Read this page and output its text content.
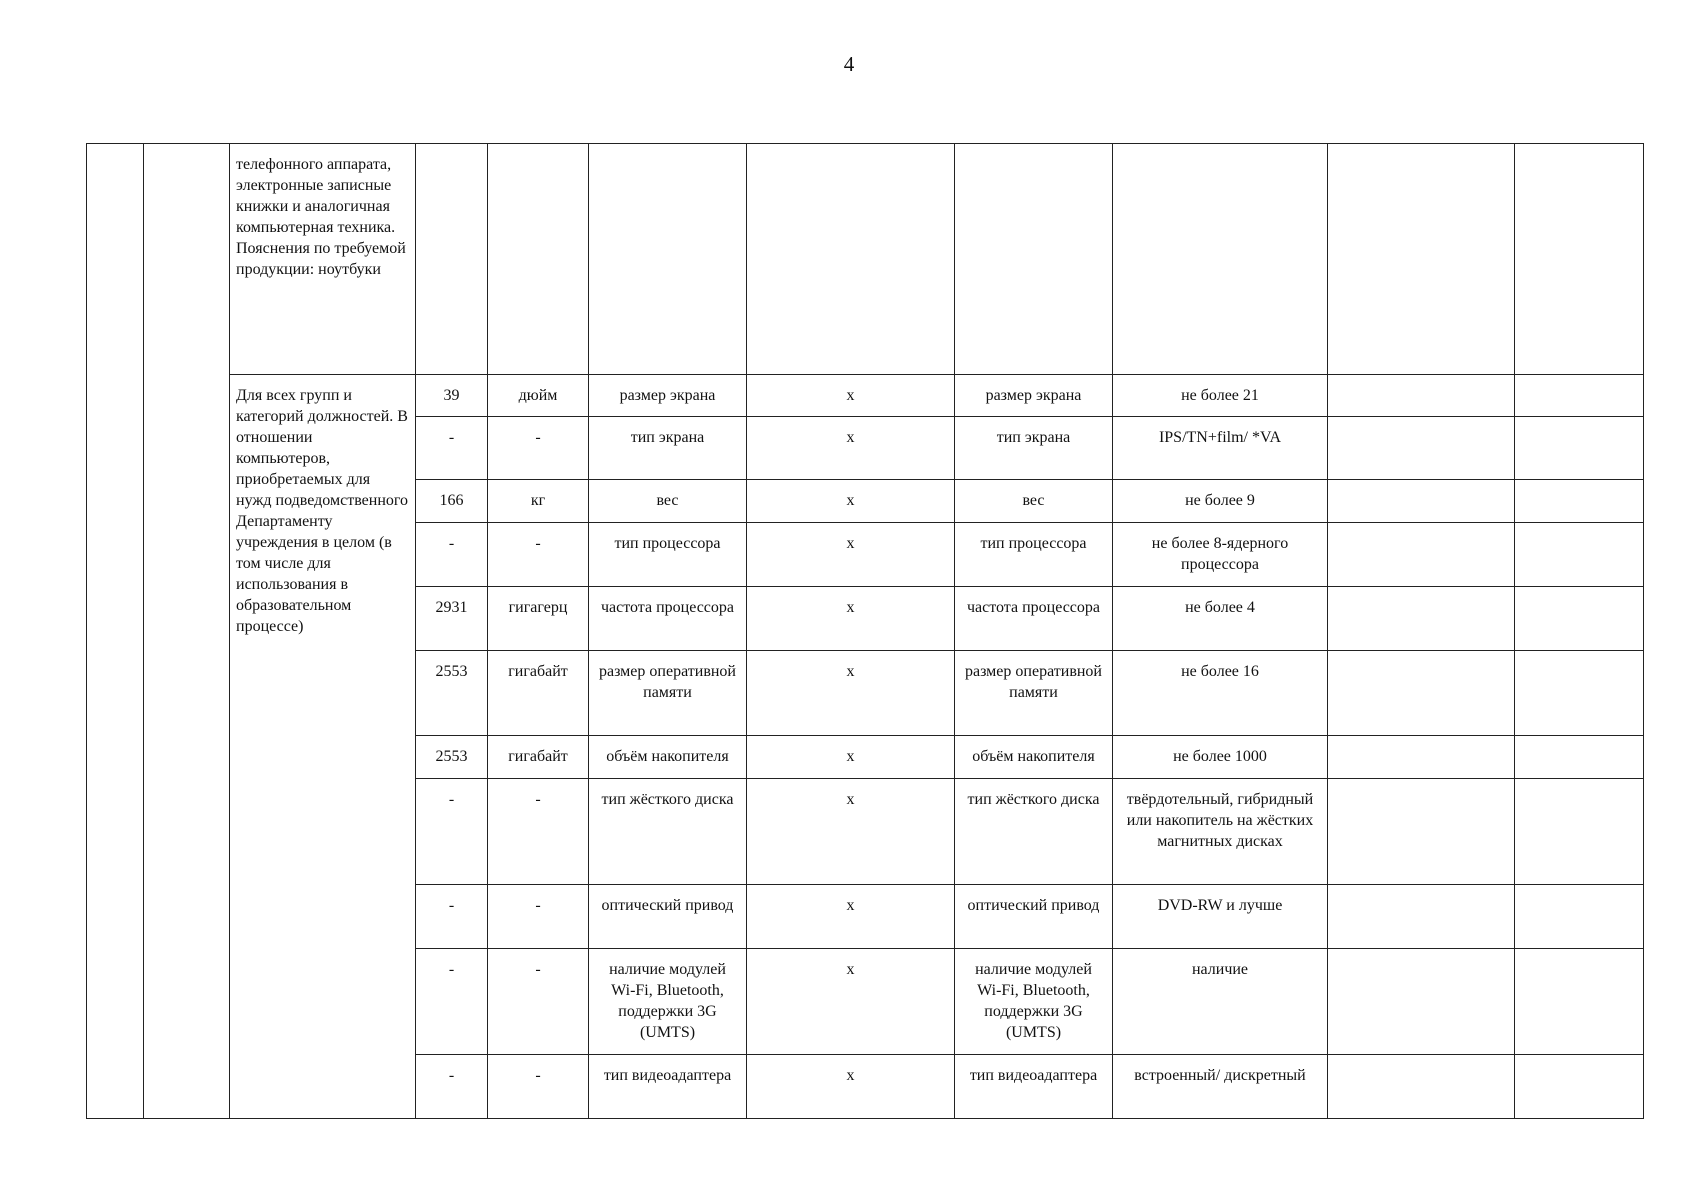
4
		телефонного аппарата, электронные записные книжки и аналогичная компьютерная техника. Пояснения по требуемой продукции: ноутбуки								
		Для всех групп и категорий должностей. В отношении компьютеров, приобретаемых для нужд подведомственного Департаменту учреждения в целом (в том числе для использования в образовательном процессе)	39	дюйм	размер экрана	x	размер экрана	не более 21		
			-	-	тип экрана	x	тип экрана	IPS/TN+film/ *VA		
			166	кг	вес	x	вес	не более 9		
			-	-	тип процессора	x	тип процессора	не более 8-ядерного процессора		
			2931	гигагерц	частота процессора	x	частота процессора	не более 4		
			2553	гигабайт	размер оперативной памяти	x	размер оперативной памяти	не более 16		
			2553	гигабайт	объём накопителя	x	объём накопителя	не более 1000		
			-	-	тип жёсткого диска	x	тип жёсткого диска	твёрдотельный, гибридный или накопитель на жёстких магнитных дисках		
			-	-	оптический привод	x	оптический привод	DVD-RW и лучше		
			-	-	наличие модулей Wi-Fi, Bluetooth, поддержки 3G (UMTS)	x	наличие модулей Wi-Fi, Bluetooth, поддержки 3G (UMTS)	наличие		
			-	-	тип видеоадаптера	x	тип видеоадаптера	встроенный/ дискретный		
